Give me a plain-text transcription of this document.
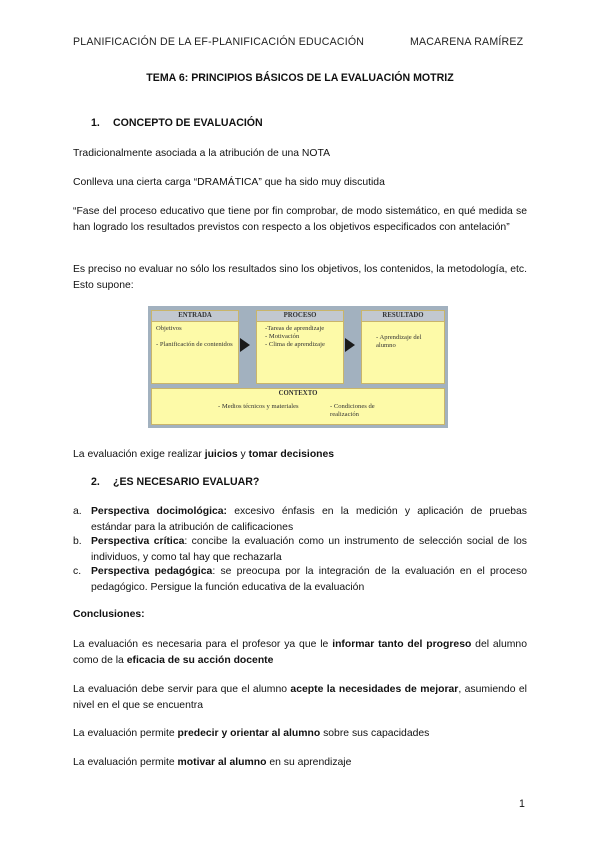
PLANIFICACIÓN DE LA EF-PLANIFICACIÓN EDUCACIÓN	MACARENA RAMÍREZ
TEMA 6: PRINCIPIOS BÁSICOS DE LA EVALUACIÓN MOTRIZ
1. CONCEPTO DE EVALUACIÓN
Tradicionalmente asociada a la atribución de una NOTA
Conlleva una cierta carga “DRAMÁTICA” que ha sido muy discutida
“Fase del proceso educativo que tiene por fin comprobar, de modo sistemático, en qué medida se han logrado los resultados previstos con respecto a los objetivos especificados con antelación”
Es preciso no evaluar no sólo los resultados sino los objetivos, los contenidos, la metodología, etc. Esto supone:
ENTRADA
Objetivos
- Planificación de contenidos
PROCESO
-Tareas de aprendizaje
- Motivación
- Clima de aprendizaje
RESULTADO
- Aprendizaje del alumno
CONTEXTO
- Medios técnicos y materiales	- Condiciones de realización
La evaluación exige realizar juicios y tomar decisiones
2. ¿ES NECESARIO EVALUAR?
a. Perspectiva docimológica: excesivo énfasis en la medición y aplicación de pruebas estándar para la atribución de calificaciones
b. Perspectiva crítica: concibe la evaluación como un instrumento de selección social de los individuos, y como tal hay que rechazarla
c. Perspectiva pedagógica: se preocupa por la integración de la evaluación en el proceso pedagógico. Persigue la función educativa de la evaluación
Conclusiones:
La evaluación es necesaria para el profesor ya que le informar tanto del progreso del alumno como de la eficacia de su acción docente
La evaluación debe servir para que el alumno acepte la necesidades de mejorar, asumiendo el nivel en el que se encuentra
La evaluación permite predecir y orientar al alumno sobre sus capacidades
La evaluación permite motivar al alumno en su aprendizaje
1
